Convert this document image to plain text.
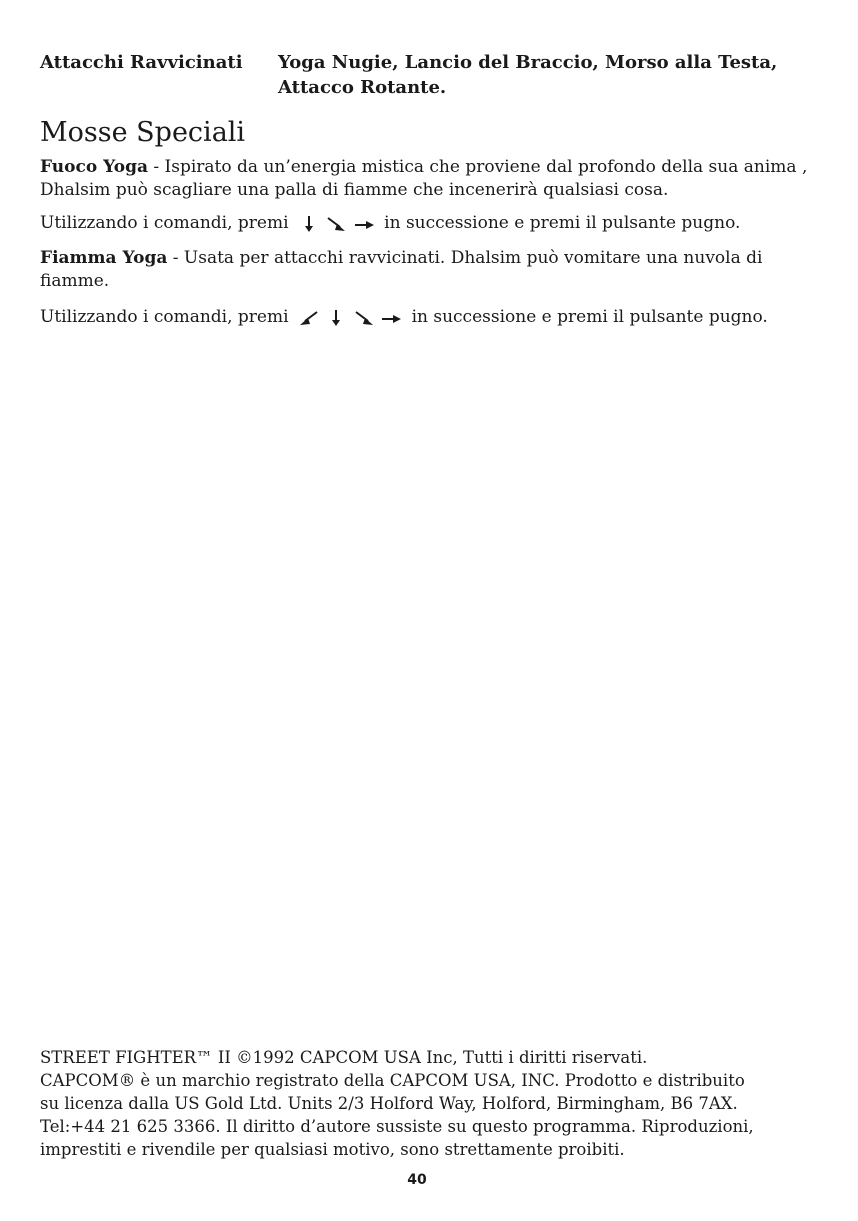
Attacchi Ravvicinati	Yoga Nugie, Lancio del Braccio, Morso alla Testa, Attacco Rotante.
Mosse Speciali

Fuoco Yoga - Ispirato da un’energia mistica che proviene dal profondo della sua anima , Dhalsim può scagliare una palla di fiamme che incenerirà qualsiasi cosa.

Utilizzando i comandi, premi

	in successione e premi il pulsante pugno.

Fiamma Yoga - Usata per attacchi ravvicinati. Dhalsim può vomitare una nuvola di fiamme.

Utilizzando i comandi, premi

	in successione e premi il pulsante pugno.

STREET FIGHTER™ II ©1992 CAPCOM USA Inc, Tutti i diritti riservati.
CAPCOM® è un marchio registrato della CAPCOM USA, INC. Prodotto e distribuito
su licenza dalla US Gold Ltd. Units 2/3 Holford Way, Holford, Birmingham, B6 7AX.
Tel:+44 21 625 3366. Il diritto d’autore sussiste su questo programma. Riproduzioni,
imprestiti e rivendile per qualsiasi motivo, sono strettamente proibiti.
40
